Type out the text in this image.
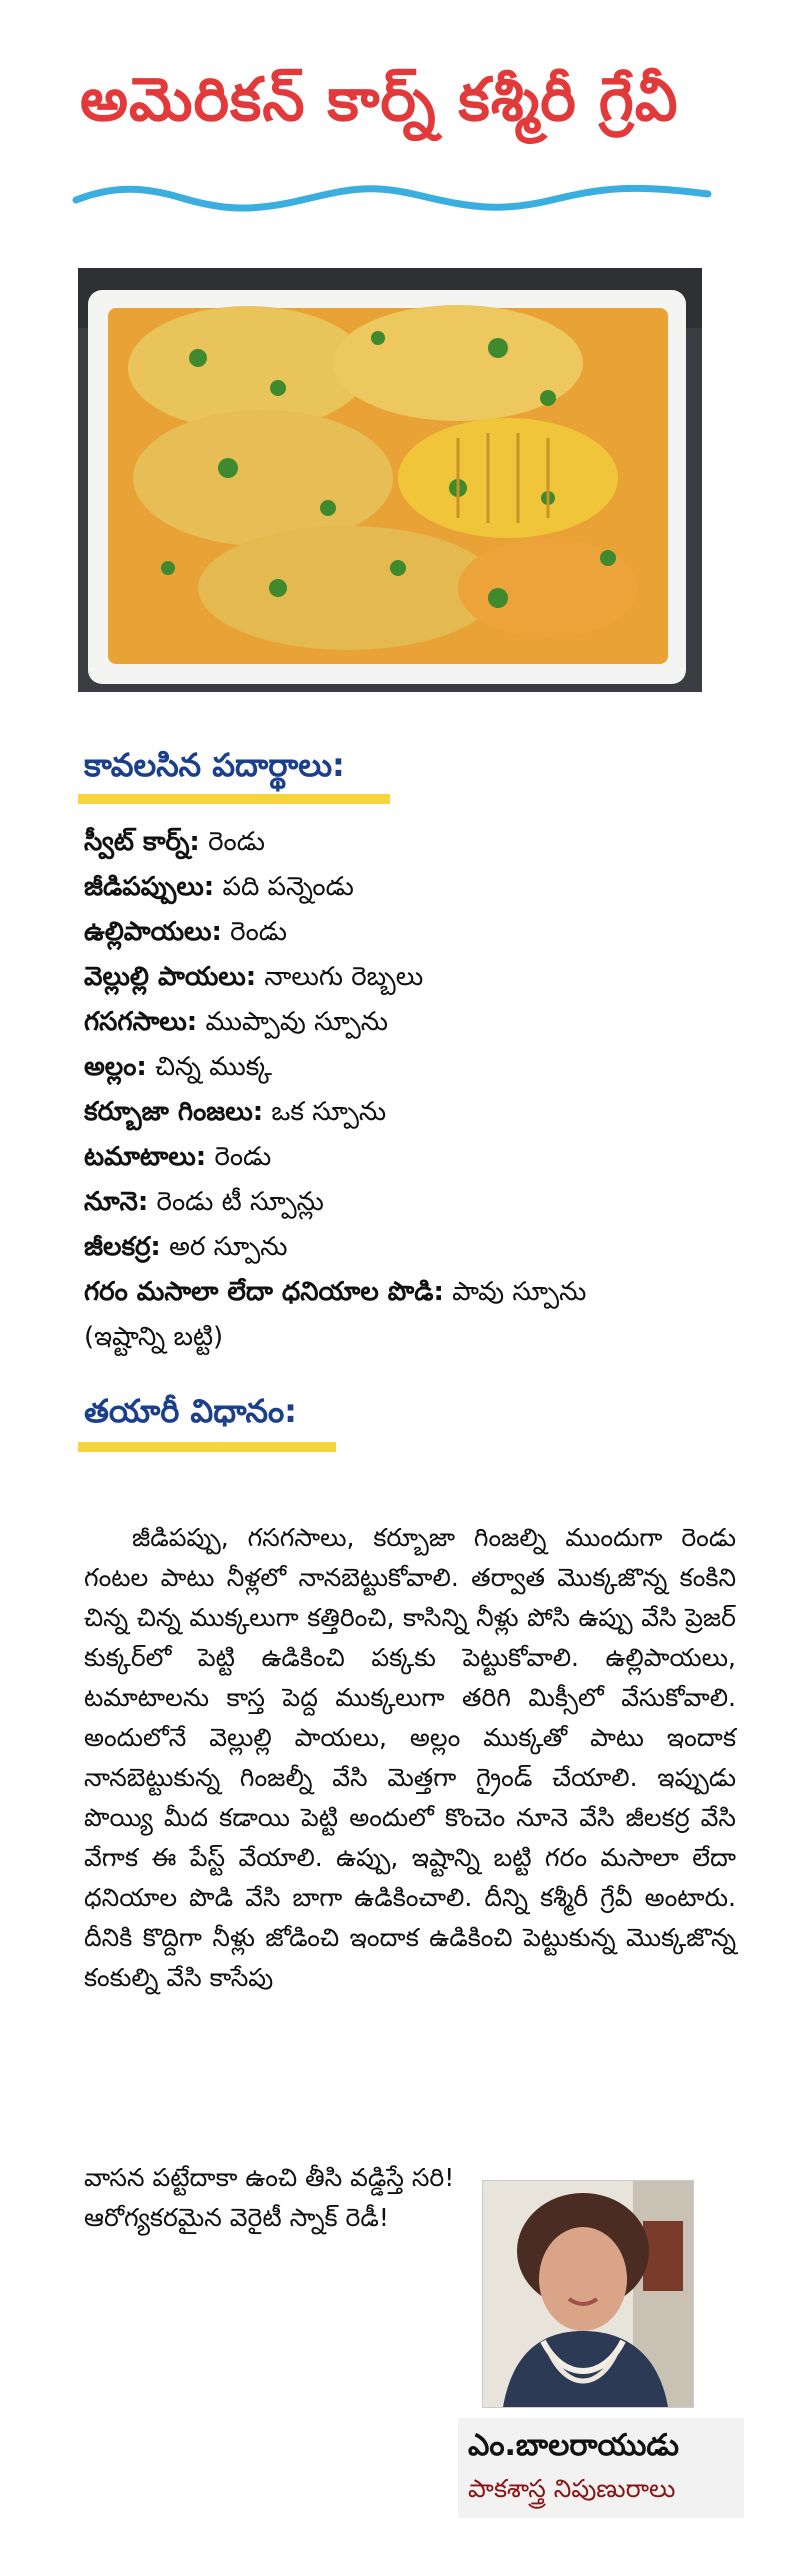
అమెరికన్ కార్న్ కశ్మీరీ గ్రేవీ
కావలసిన పదార్థాలు:
స్వీట్ కార్న్: రెండు
జీడిపప్పులు: పది పన్నెండు
ఉల్లిపాయలు: రెండు
వెల్లుల్లి పాయలు: నాలుగు రెబ్బలు
గసగసాలు: ముప్పావు స్పూను
అల్లం: చిన్న ముక్క
కర్బూజా గింజలు: ఒక స్పూను
టమాటాలు: రెండు
నూనె: రెండు టీ స్పూన్లు
జీలకర్ర: అర స్పూను
గరం మసాలా లేదా ధనియాల పొడి: పావు స్పూను
(ఇష్టాన్ని బట్టి)
తయారీ విధానం:

జీడిపప్పు, గసగసాలు, కర్బూజా గింజల్ని ముందుగా రెండు గంటల పాటు నీళ్లలో నానబెట్టుకోవాలి. తర్వాత మొక్కజొన్న కంకిని చిన్న చిన్న ముక్కలుగా కత్తిరించి, కాసిన్ని నీళ్లు పోసి ఉప్పు వేసి ప్రెజర్ కుక్కర్‌లో పెట్టి ఉడికించి పక్కకు పెట్టుకోవాలి. ఉల్లిపాయలు, టమాటాలను కాస్త పెద్ద ముక్కలుగా తరిగి మిక్సీలో వేసుకోవాలి. అందులోనే వెల్లుల్లి పాయలు, అల్లం ముక్కతో పాటు ఇందాక నానబెట్టుకున్న గింజల్నీ వేసి మెత్తగా గ్రైండ్ చేయాలి. ఇప్పుడు పొయ్యి మీద కడాయి పెట్టి అందులో కొంచెం నూనె వేసి జీలకర్ర వేసి వేగాక ఈ పేస్ట్ వేయాలి. ఉప్పు, ఇష్టాన్ని బట్టి గరం మసాలా లేదా ధనియాల పొడి వేసి బాగా ఉడికించాలి. దీన్ని కశ్మీరీ గ్రేవీ అంటారు. దీనికి కొద్దిగా నీళ్లు జోడించి ఇందాక ఉడికించి పెట్టుకున్న మొక్కజొన్న కంకుల్ని వేసి కాసేపు

వాసన పట్టేదాకా ఉంచి తీసి వడ్డిస్తే సరి! ఆరోగ్యకరమైన వెరైటీ స్నాక్ రెడీ!
ఎం.బాలరాయుడు
పాకశాస్త్ర నిపుణురాలు
